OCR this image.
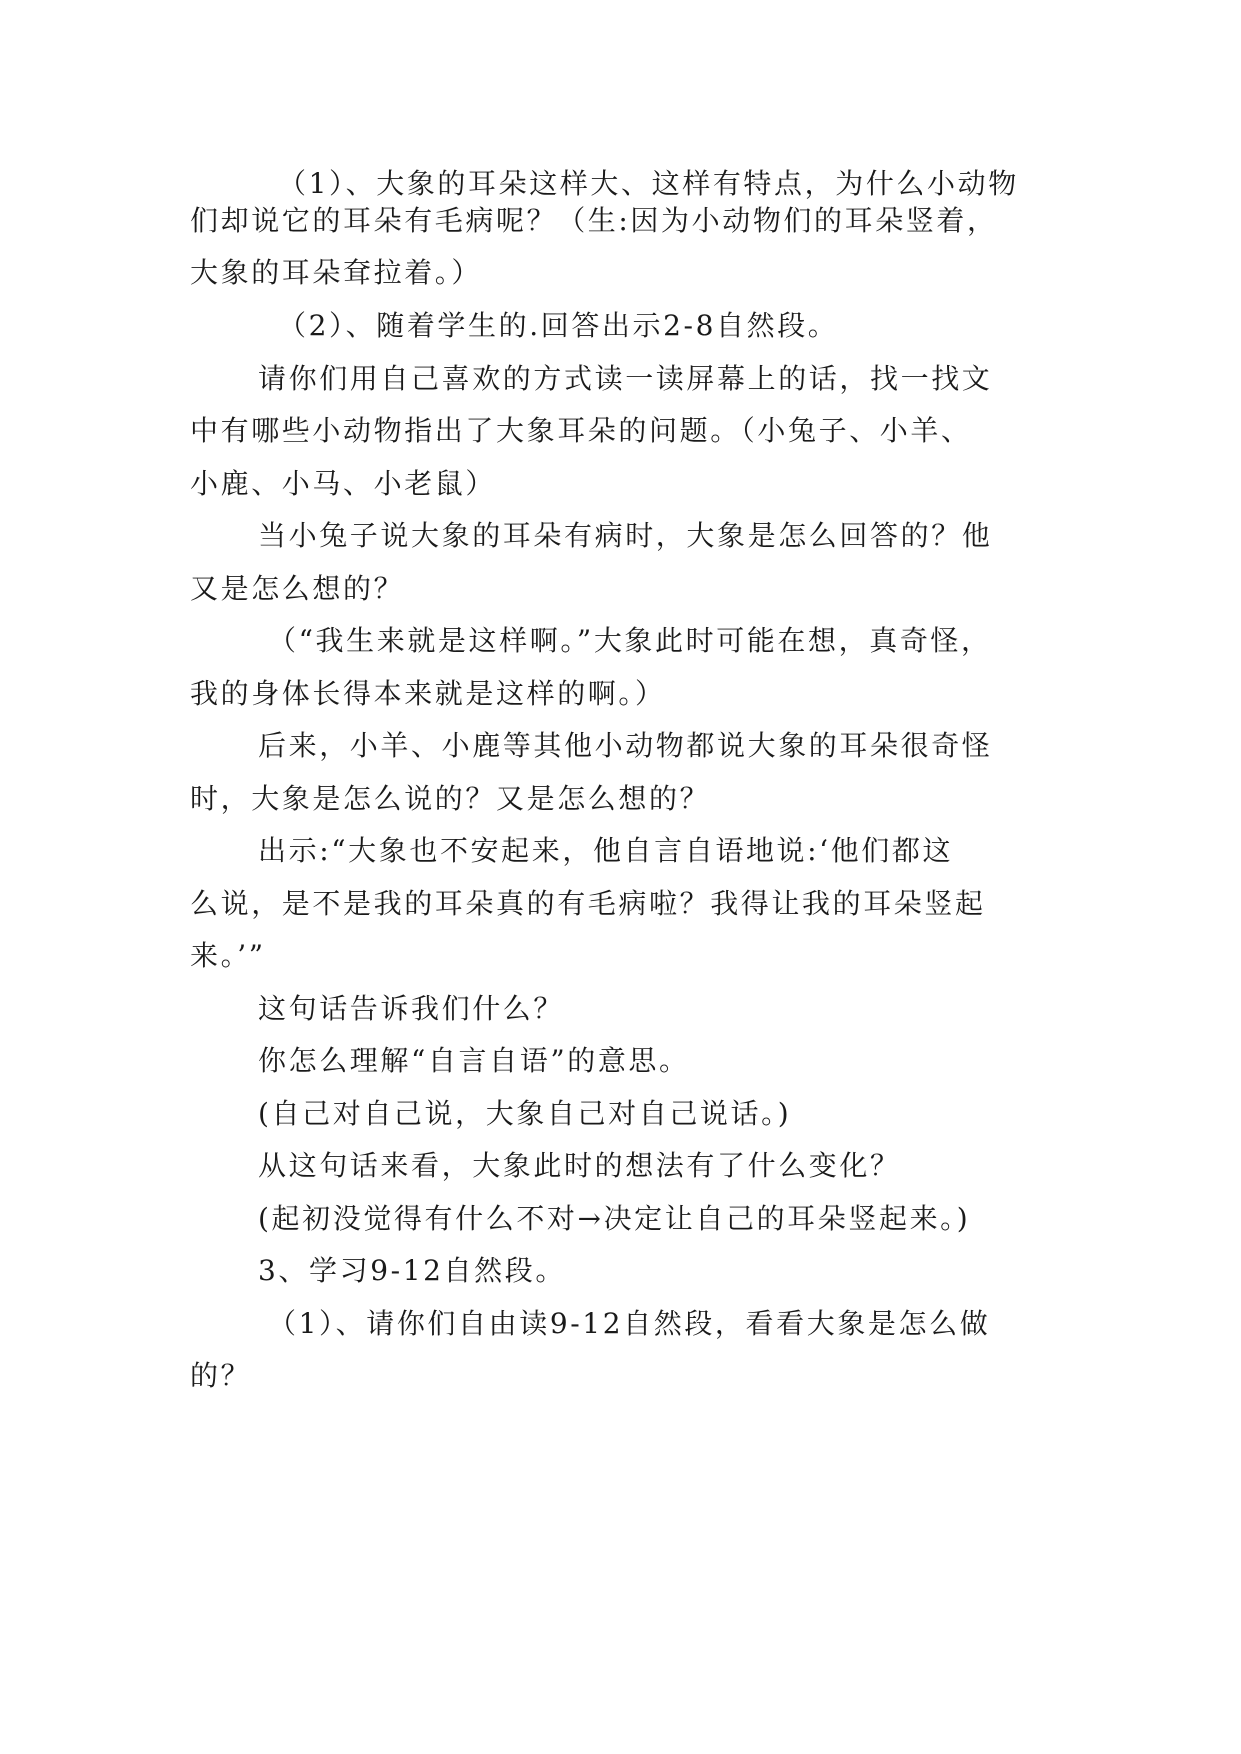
（1）、大象的耳朵这样大、这样有特点，为什么小动物
们却说它的耳朵有毛病呢？（生:因为小动物们的耳朵竖着，
大象的耳朵耷拉着。）
（2）、随着学生的.回答出示2-8自然段。
请你们用自己喜欢的方式读一读屏幕上的话，找一找文
中有哪些小动物指出了大象耳朵的问题。（小兔子、小羊、
小鹿、小马、小老鼠）
当小兔子说大象的耳朵有病时，大象是怎么回答的？他
又是怎么想的？
（“我生来就是这样啊。”大象此时可能在想，真奇怪，
我的身体长得本来就是这样的啊。）
后来，小羊、小鹿等其他小动物都说大象的耳朵很奇怪
时，大象是怎么说的？又是怎么想的？
出示:“大象也不安起来，他自言自语地说:‘他们都这
么说，是不是我的耳朵真的有毛病啦？我得让我的耳朵竖起
来。’”
这句话告诉我们什么？
你怎么理解“自言自语”的意思。
(自己对自己说，大象自己对自己说话。)
从这句话来看，大象此时的想法有了什么变化？
(起初没觉得有什么不对→决定让自己的耳朵竖起来。)
3、学习9-12自然段。
（1）、请你们自由读9-12自然段，看看大象是怎么做
的？
